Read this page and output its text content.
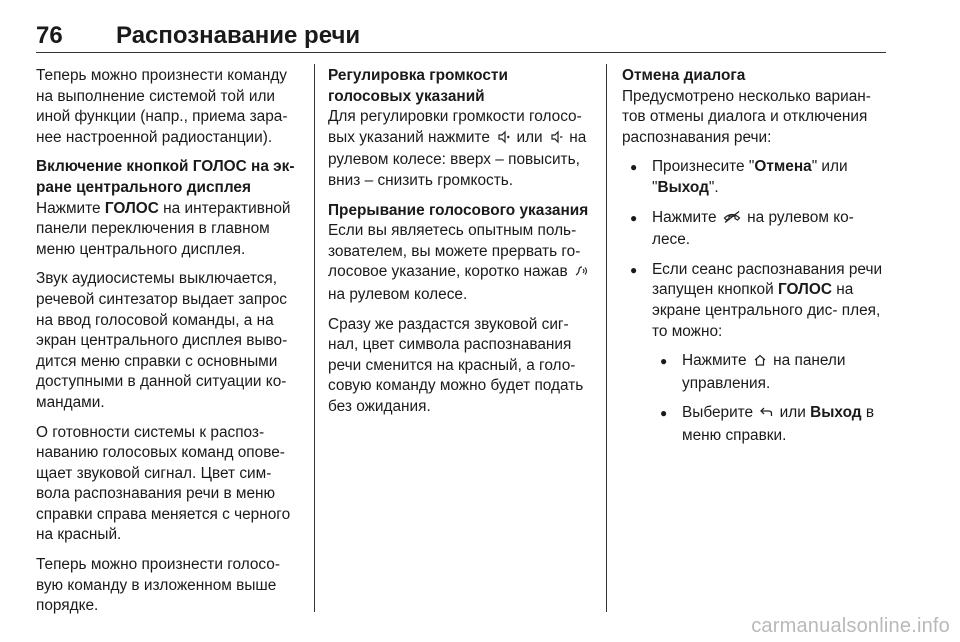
76 Распознавание речи

Теперь можно произнести команду на выполнение системой той или иной функции (напр., приема зара- нее настроенной радиостанции).

Включение кнопкой ГОЛОС на эк- ране центрального дисплея

Нажмите ГОЛОС на интерактивной панели переключения в главном меню центрального дисплея.

Звук аудиосистемы выключается, речевой синтезатор выдает запрос на ввод голосовой команды, а на экран центрального дисплея выво- дится меню справки с основными доступными в данной ситуации ко- мандами.

О готовности системы к распоз- наванию голосовых команд опове- щает звуковой сигнал. Цвет сим- вола распознавания речи в меню справки справа меняется с черного на красный.

Теперь можно произнести голосо- вую команду в изложенном выше порядке.

Регулировка громкости голосовых указаний

Для регулировки громкости голосо- вых указаний нажмите  или  на рулевом колесе: вверх – повысить, вниз – снизить громкость.

Прерывание голосового указания

Если вы являетесь опытным поль- зователем, вы можете прервать го- лосовое указание, коротко нажав  на рулевом колесе.

Сразу же раздастся звуковой сиг- нал, цвет символа распознавания речи сменится на красный, а голо- совую команду можно будет подать без ожидания.

Отмена диалога

Предусмотрено несколько вариан- тов отмены диалога и отключения распознавания речи:

● Произнесите "Отмена" или "Выход".
● Нажмите  на рулевом ко- лесе.
● Если сеанс распознавания речи запущен кнопкой ГОЛОС на экране центрального дис- плея, то можно:
● Нажмите  на панели управления.
● Выберите  или Выход в меню справки.
carmanualsonline.info
